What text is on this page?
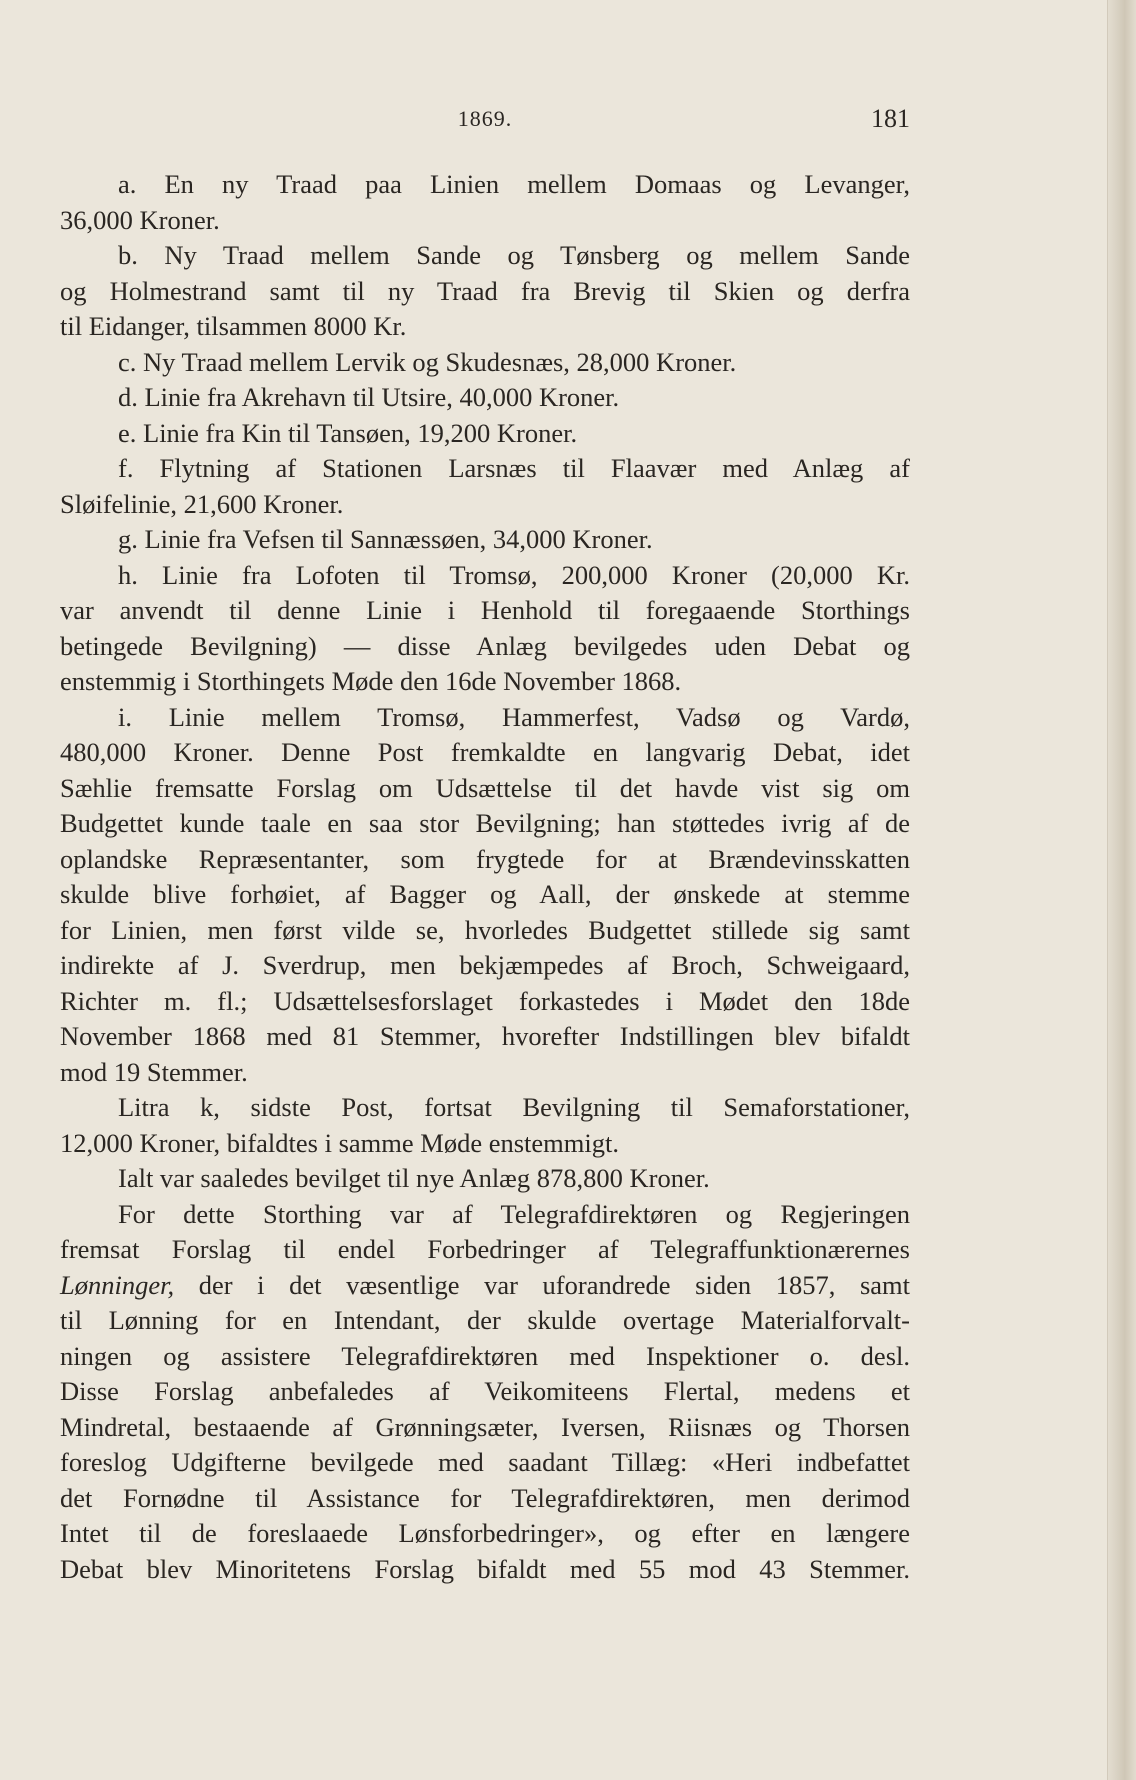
1869.	181
a. En ny Traad paa Linien mellem Domaas og Levanger,
36,000 Kroner.
b. Ny Traad mellem Sande og Tønsberg og mellem Sande
og Holmestrand samt til ny Traad fra Brevig til Skien og derfra
til Eidanger, tilsammen 8000 Kr.
c. Ny Traad mellem Lervik og Skudesnæs, 28,000 Kroner.
d. Linie fra Akrehavn til Utsire, 40,000 Kroner.
e. Linie fra Kin til Tansøen, 19,200 Kroner.
f. Flytning af Stationen Larsnæs til Flaavær med Anlæg af
Sløifelinie, 21,600 Kroner.
g. Linie fra Vefsen til Sannæssøen, 34,000 Kroner.
h. Linie fra Lofoten til Tromsø, 200,000 Kroner (20,000 Kr.
var anvendt til denne Linie i Henhold til foregaaende Storthings
betingede Bevilgning) — disse Anlæg bevilgedes uden Debat og
enstemmig i Storthingets Møde den 16de November 1868.
i. Linie mellem Tromsø, Hammerfest, Vadsø og Vardø,
480,000 Kroner. Denne Post fremkaldte en langvarig Debat, idet
Sæhlie fremsatte Forslag om Udsættelse til det havde vist sig om
Budgettet kunde taale en saa stor Bevilgning; han støttedes ivrig af de
oplandske Repræsentanter, som frygtede for at Brændevinsskatten
skulde blive forhøiet, af Bagger og Aall, der ønskede at stemme
for Linien, men først vilde se, hvorledes Budgettet stillede sig samt
indirekte af J. Sverdrup, men bekjæmpedes af Broch, Schweigaard,
Richter m. fl.; Udsættelsesforslaget forkastedes i Mødet den 18de
November 1868 med 81 Stemmer, hvorefter Indstillingen blev bifaldt
mod 19 Stemmer.
Litra k, sidste Post, fortsat Bevilgning til Semaforstationer,
12,000 Kroner, bifaldtes i samme Møde enstemmigt.
Ialt var saaledes bevilget til nye Anlæg 878,800 Kroner.
For dette Storthing var af Telegrafdirektøren og Regjeringen
fremsat Forslag til endel Forbedringer af Telegraffunktionærernes
Lønninger, der i det væsentlige var uforandrede siden 1857, samt
til Lønning for en Intendant, der skulde overtage Materialforvalt-
ningen og assistere Telegrafdirektøren med Inspektioner o. desl.
Disse Forslag anbefaledes af Veikomiteens Flertal, medens et
Mindretal, bestaaende af Grønningsæter, Iversen, Riisnæs og Thorsen
foreslog Udgifterne bevilgede med saadant Tillæg: «Heri indbefattet
det Fornødne til Assistance for Telegrafdirektøren, men derimod
Intet til de foreslaaede Lønsforbedringer», og efter en længere
Debat blev Minoritetens Forslag bifaldt med 55 mod 43 Stemmer.
